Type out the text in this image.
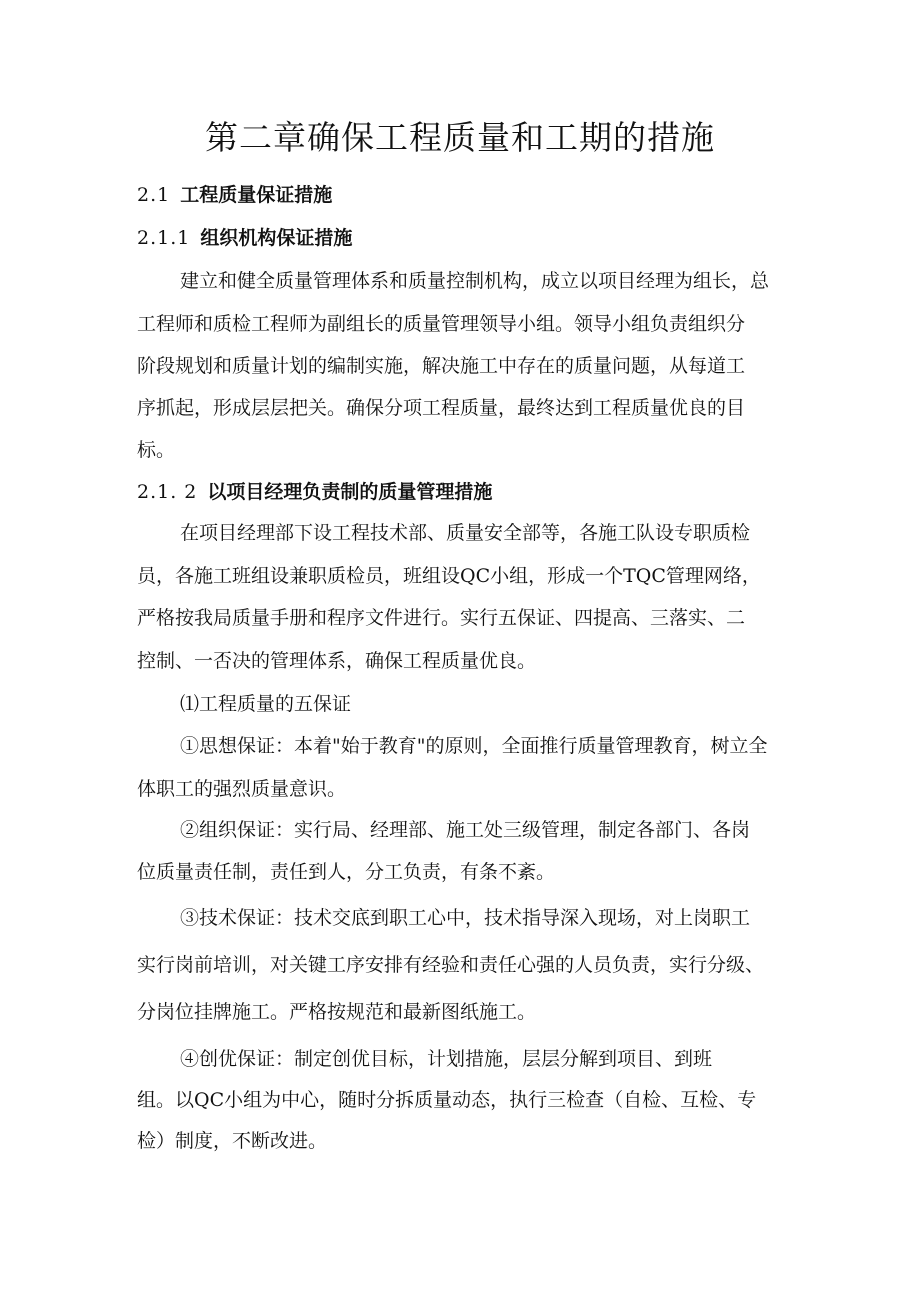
第二章确保工程质量和工期的措施
2.1 工程质量保证措施
2.1.1 组织机构保证措施

建立和健全质量管理体系和质量控制机构，成立以项目经理为组长，总

工程师和质检工程师为副组长的质量管理领导小组。领导小组负责组织分

阶段规划和质量计划的编制实施，解决施工中存在的质量问题，从每道工

序抓起，形成层层把关。确保分项工程质量，最终达到工程质量优良的目

标。

2.1. 2 以项目经理负责制的质量管理措施

在项目经理部下设工程技术部、质量安全部等，各施工队设专职质检

员，各施工班组设兼职质检员，班组设QC小组，形成一个TQC管理网络，

严格按我局质量手册和程序文件进行。实行五保证、四提高、三落实、二

控制、一否决的管理体系，确保工程质量优良。

⑴工程质量的五保证

①思想保证：本着"始于教育"的原则，全面推行质量管理教育，树立全

体职工的强烈质量意识。

②组织保证：实行局、经理部、施工处三级管理，制定各部门、各岗

位质量责任制，责任到人，分工负责，有条不紊。

③技术保证：技术交底到职工心中，技术指导深入现场，对上岗职工

实行岗前培训，对关键工序安排有经验和责任心强的人员负责，实行分级、

分岗位挂牌施工。严格按规范和最新图纸施工。

④创优保证：制定创优目标，计划措施，层层分解到项目、到班

组。以QC小组为中心，随时分拆质量动态，执行三检查（自检、互检、专

检）制度，不断改进。
